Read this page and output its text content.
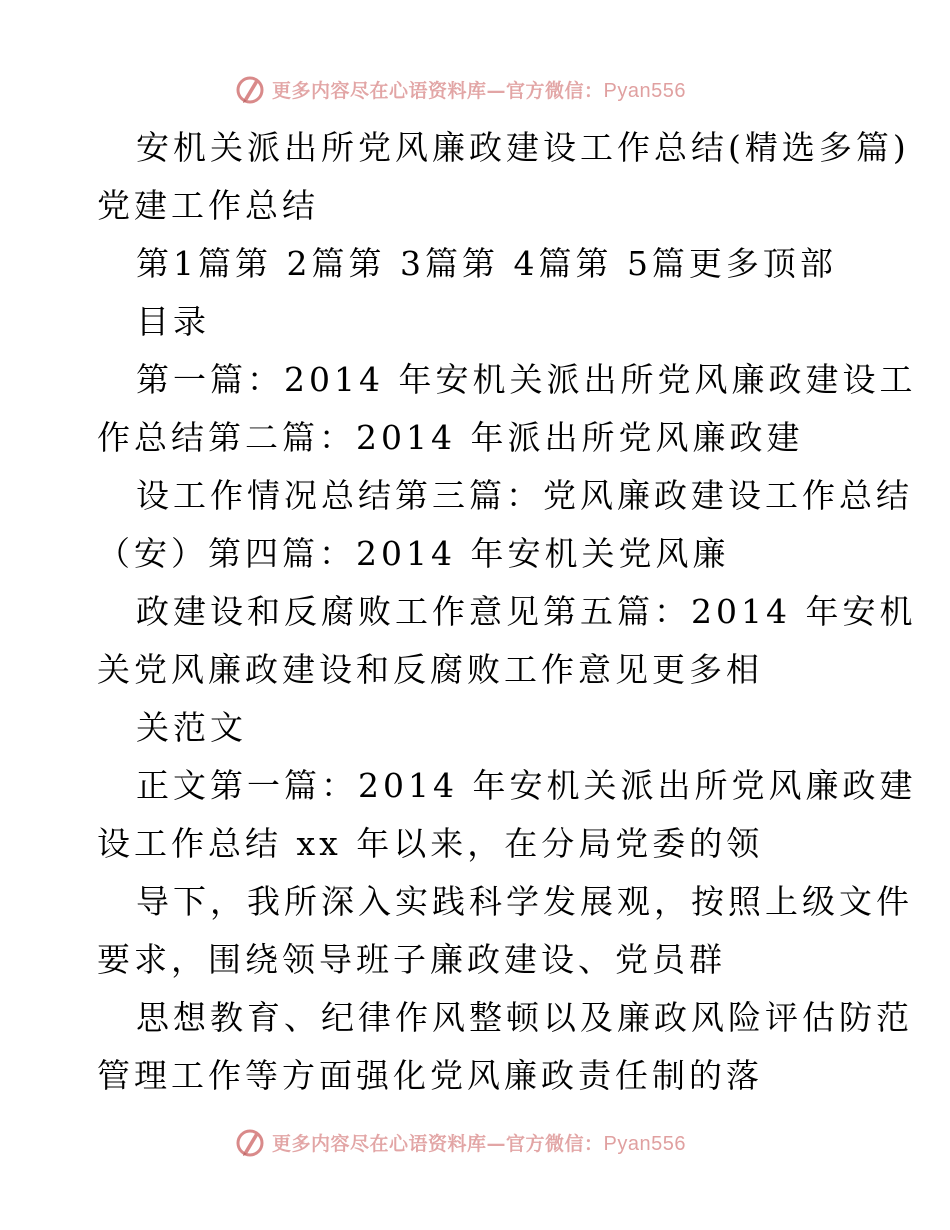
更多内容尽在心语资料库—官方微信：Pyan556
安机关派出所党风廉政建设工作总结(精选多篇)
党建工作总结
第1篇第 2篇第 3篇第 4篇第 5篇更多顶部
目录
第一篇：2014 年安机关派出所党风廉政建设工
作总结第二篇：2014 年派出所党风廉政建
设工作情况总结第三篇：党风廉政建设工作总结
（安）第四篇：2014 年安机关党风廉
政建设和反腐败工作意见第五篇：2014 年安机
关党风廉政建设和反腐败工作意见更多相
关范文
正文第一篇：2014 年安机关派出所党风廉政建
设工作总结 xx 年以来，在分局党委的领
导下，我所深入实践科学发展观，按照上级文件
要求，围绕领导班子廉政建设、党员群
思想教育、纪律作风整顿以及廉政风险评估防范
管理工作等方面强化党风廉政责任制的落
更多内容尽在心语资料库—官方微信：Pyan556
